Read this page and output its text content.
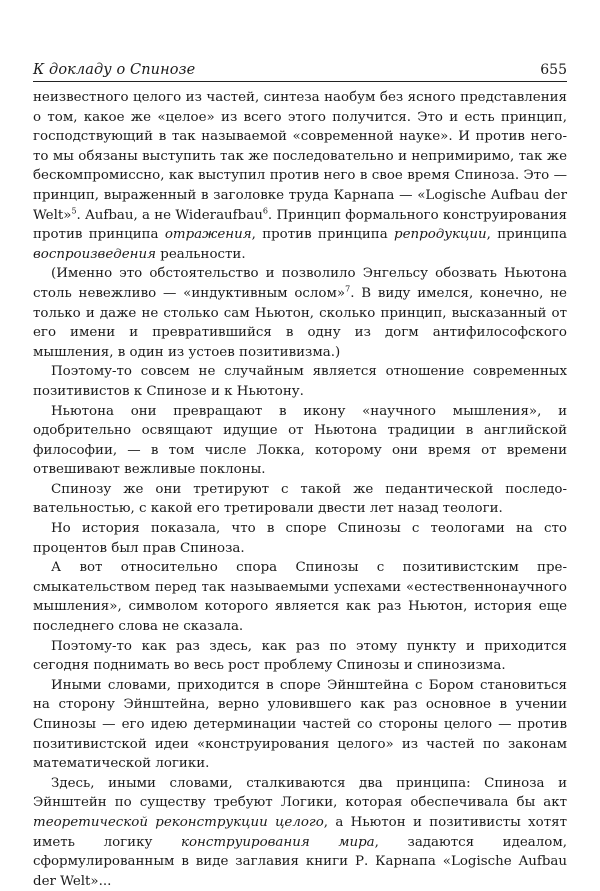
К докладу о Спинозе	655

неизвестного целого из частей, синтеза наобум без ясного представления о том, какое же «целое» из всего этого получится. Это и есть принцип, господствующий в так называемой «современной науке». И против него-то мы обязаны выступить так же последовательно и непримиримо, так же бескомпромиссно, как выступил против него в свое время Спиноза. Это — принцип, выраженный в заголовке труда Карнапа — «Logische Aufbau der Welt»$^5$. Aufbau, а не Wideraufbau$^6$. Принцип формального конструирования против принципа отражения, против принципа репродукции, принципа воспроизведения реальности.

(Именно это обстоятельство и позволило Энгельсу обозвать Ньютона столь невежливо — «индуктивным ослом»$^7$. В виду имелся, конечно, не только и даже не столько сам Ньютон, сколько принцип, высказанный от его имени и превратившийся в одну из догм антифилософского мышления, в один из устоев позитивизма.)

Поэтому-то совсем не случайным является отношение современных позитивистов к Спинозе и к Ньютону.

Ньютона они превращают в икону «научного мышления», и одобрительно освящают идущие от Ньютона традиции в английской философии, — в том числе Локка, которому они время от времени отвешивают вежливые поклоны.

Спинозу же они третируют с такой же педантической последовательностью, с какой его третировали двести лет назад теологи.

Но история показала, что в споре Спинозы с теологами на сто процентов был прав Спиноза.

А вот относительно спора Спинозы с позитивистским пресмыкательством перед так называемыми успехами «естественнонаучного мышления», символом которого является как раз Ньютон, история еще последнего слова не сказала.

Поэтому-то как раз здесь, как раз по этому пункту и приходится сегодня поднимать во весь рост проблему Спинозы и спинозизма.

Иными словами, приходится в споре Эйнштейна с Бором становиться на сторону Эйнштейна, верно уловившего как раз основное в учении Спинозы — его идею детерминации частей со стороны целого — против позитивистской идеи «конструирования целого» из частей по законам математической логики.

Здесь, иными словами, сталкиваются два принципа: Спиноза и Эйнштейн по существу требуют Логики, которая обеспечивала бы акт теоретической реконструкции целого, а Ньютон и позитивисты хотят иметь логику конструирования мира, задаются идеалом, сформулированным в виде заглавия книги Р. Карнапа «Logische Aufbau der Welt»...
